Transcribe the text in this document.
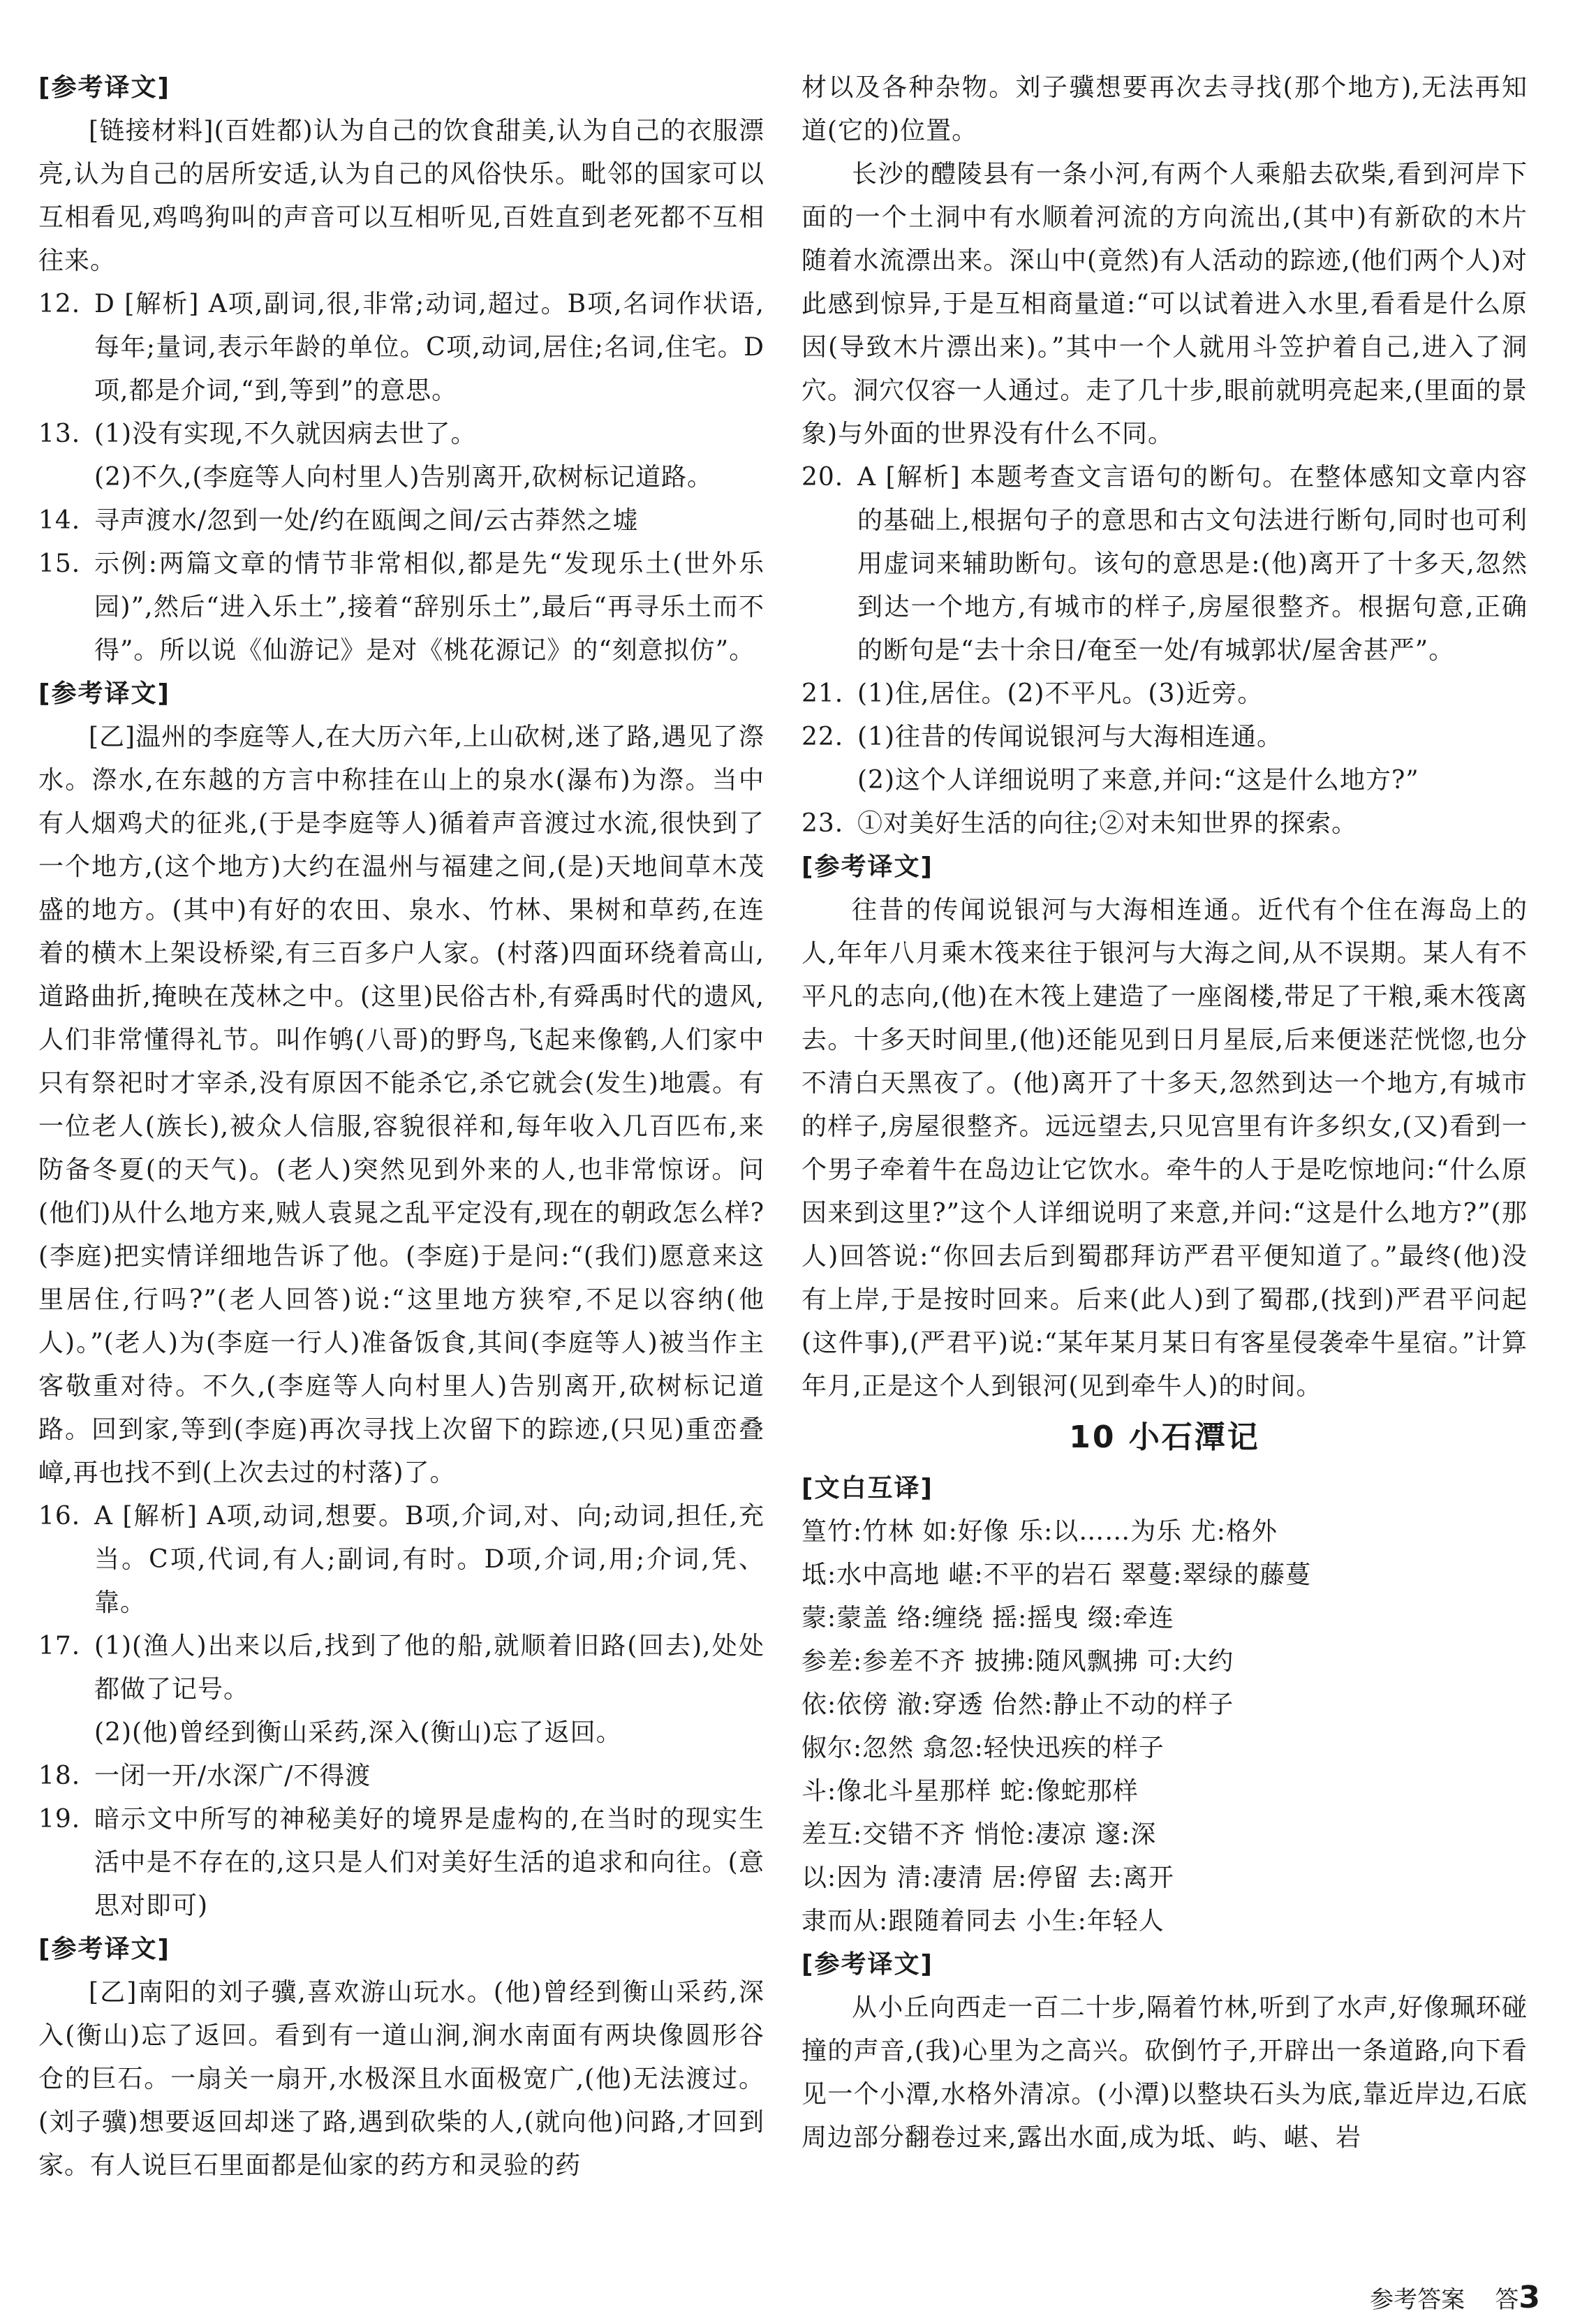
[参考译文]

[链接材料](百姓都)认为自己的饮食甜美,认为自己的衣服漂亮,认为自己的居所安适,认为自己的风俗快乐。毗邻的国家可以互相看见,鸡鸣狗叫的声音可以互相听见,百姓直到老死都不互相往来。

12. D [解析] A项,副词,很,非常;动词,超过。B项,名词作状语,每年;量词,表示年龄的单位。C项,动词,居住;名词,住宅。D项,都是介词,“到,等到”的意思。
13. (1)没有实现,不久就因病去世了。
(2)不久,(李庭等人向村里人)告别离开,砍树标记道路。
14. 寻声渡水/忽到一处/约在瓯闽之间/云古莽然之墟
15. 示例:两篇文章的情节非常相似,都是先“发现乐土(世外乐园)”,然后“进入乐土”,接着“辞别乐土”,最后“再寻乐土而不得”。所以说《仙游记》是对《桃花源记》的“刻意拟仿”。
[参考译文]

[乙]温州的李庭等人,在大历六年,上山砍树,迷了路,遇见了漈水。漈水,在东越的方言中称挂在山上的泉水(瀑布)为漈。当中有人烟鸡犬的征兆,(于是李庭等人)循着声音渡过水流,很快到了一个地方,(这个地方)大约在温州与福建之间,(是)天地间草木茂盛的地方。(其中)有好的农田、泉水、竹林、果树和草药,在连着的横木上架设桥梁,有三百多户人家。(村落)四面环绕着高山,道路曲折,掩映在茂林之中。(这里)民俗古朴,有舜禹时代的遗风,人们非常懂得礼节。叫作鸲(八哥)的野鸟,飞起来像鹤,人们家中只有祭祀时才宰杀,没有原因不能杀它,杀它就会(发生)地震。有一位老人(族长),被众人信服,容貌很祥和,每年收入几百匹布,来防备冬夏(的天气)。(老人)突然见到外来的人,也非常惊讶。问(他们)从什么地方来,贼人袁晁之乱平定没有,现在的朝政怎么样?(李庭)把实情详细地告诉了他。(李庭)于是问:“(我们)愿意来这里居住,行吗?”(老人回答)说:“这里地方狭窄,不足以容纳(他人)。”(老人)为(李庭一行人)准备饭食,其间(李庭等人)被当作主客敬重对待。不久,(李庭等人向村里人)告别离开,砍树标记道路。回到家,等到(李庭)再次寻找上次留下的踪迹,(只见)重峦叠嶂,再也找不到(上次去过的村落)了。

16. A [解析] A项,动词,想要。B项,介词,对、向;动词,担任,充当。C项,代词,有人;副词,有时。D项,介词,用;介词,凭、靠。
17. (1)(渔人)出来以后,找到了他的船,就顺着旧路(回去),处处都做了记号。
(2)(他)曾经到衡山采药,深入(衡山)忘了返回。
18. 一闭一开/水深广/不得渡
19. 暗示文中所写的神秘美好的境界是虚构的,在当时的现实生活中是不存在的,这只是人们对美好生活的追求和向往。(意思对即可)
[参考译文]

[乙]南阳的刘子骥,喜欢游山玩水。(他)曾经到衡山采药,深入(衡山)忘了返回。看到有一道山涧,涧水南面有两块像圆形谷仓的巨石。一扇关一扇开,水极深且水面极宽广,(他)无法渡过。(刘子骥)想要返回却迷了路,遇到砍柴的人,(就向他)问路,才回到家。有人说巨石里面都是仙家的药方和灵验的药

材以及各种杂物。刘子骥想要再次去寻找(那个地方),无法再知道(它的)位置。

长沙的醴陵县有一条小河,有两个人乘船去砍柴,看到河岸下面的一个土洞中有水顺着河流的方向流出,(其中)有新砍的木片随着水流漂出来。深山中(竟然)有人活动的踪迹,(他们两个人)对此感到惊异,于是互相商量道:“可以试着进入水里,看看是什么原因(导致木片漂出来)。”其中一个人就用斗笠护着自己,进入了洞穴。洞穴仅容一人通过。走了几十步,眼前就明亮起来,(里面的景象)与外面的世界没有什么不同。

20. A [解析] 本题考查文言语句的断句。在整体感知文章内容的基础上,根据句子的意思和古文句法进行断句,同时也可利用虚词来辅助断句。该句的意思是:(他)离开了十多天,忽然到达一个地方,有城市的样子,房屋很整齐。根据句意,正确的断句是“去十余日/奄至一处/有城郭状/屋舍甚严”。
21. (1)住,居住。(2)不平凡。(3)近旁。
22. (1)往昔的传闻说银河与大海相连通。
(2)这个人详细说明了来意,并问:“这是什么地方?”
23. ①对美好生活的向往;②对未知世界的探索。
[参考译文]

往昔的传闻说银河与大海相连通。近代有个住在海岛上的人,年年八月乘木筏来往于银河与大海之间,从不误期。某人有不平凡的志向,(他)在木筏上建造了一座阁楼,带足了干粮,乘木筏离去。十多天时间里,(他)还能见到日月星辰,后来便迷茫恍惚,也分不清白天黑夜了。(他)离开了十多天,忽然到达一个地方,有城市的样子,房屋很整齐。远远望去,只见宫里有许多织女,(又)看到一个男子牵着牛在岛边让它饮水。牵牛的人于是吃惊地问:“什么原因来到这里?”这个人详细说明了来意,并问:“这是什么地方?”(那人)回答说:“你回去后到蜀郡拜访严君平便知道了。”最终(他)没有上岸,于是按时回来。后来(此人)到了蜀郡,(找到)严君平问起(这件事),(严君平)说:“某年某月某日有客星侵袭牵牛星宿。”计算年月,正是这个人到银河(见到牵牛人)的时间。

10 小石潭记
[文白互译]
篁竹:竹林 如:好像 乐:以……为乐 尤:格外
坻:水中高地 嵁:不平的岩石 翠蔓:翠绿的藤蔓
蒙:蒙盖 络:缠绕 摇:摇曳 缀:牵连
参差:参差不齐 披拂:随风飘拂 可:大约
依:依傍 澈:穿透 佁然:静止不动的样子
俶尔:忽然 翕忽:轻快迅疾的样子
斗:像北斗星那样 蛇:像蛇那样
差互:交错不齐 悄怆:凄凉 邃:深
以:因为 清:凄清 居:停留 去:离开
隶而从:跟随着同去 小生:年轻人
[参考译文]

从小丘向西走一百二十步,隔着竹林,听到了水声,好像珮环碰撞的声音,(我)心里为之高兴。砍倒竹子,开辟出一条道路,向下看见一个小潭,水格外清凉。(小潭)以整块石头为底,靠近岸边,石底周边部分翻卷过来,露出水面,成为坻、屿、嵁、岩

参考答案 答3
